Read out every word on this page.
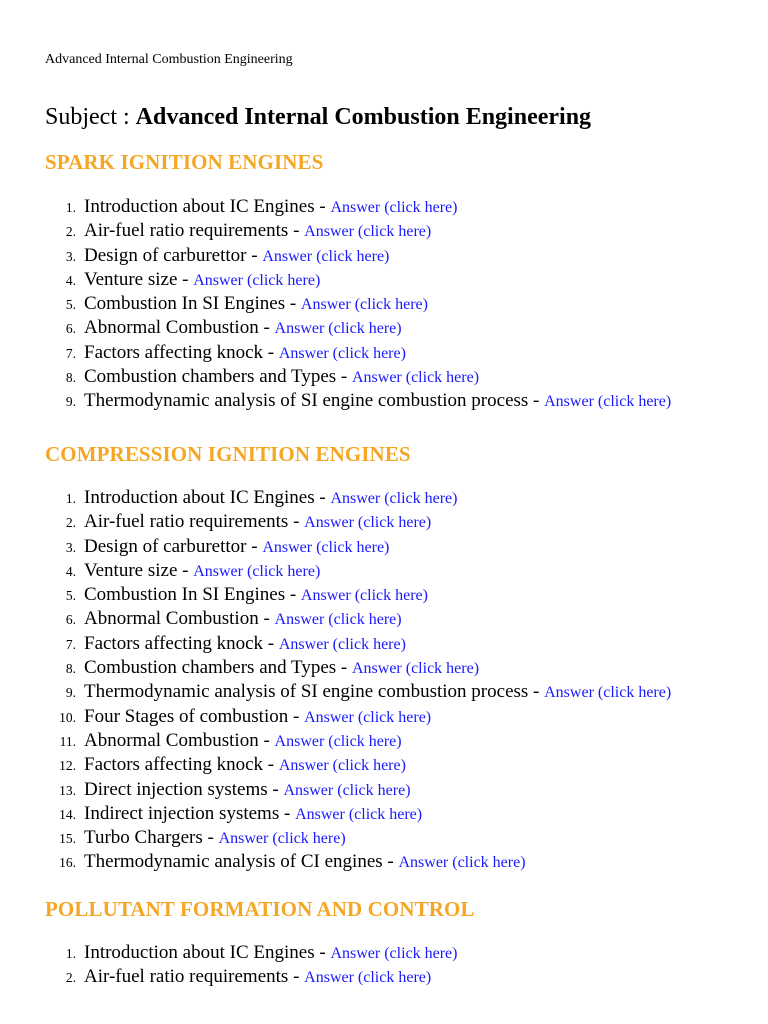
Advanced Internal Combustion Engineering
Subject : Advanced Internal Combustion Engineering
SPARK IGNITION ENGINES
1. Introduction about IC Engines - Answer (click here)
2. Air-fuel ratio requirements - Answer (click here)
3. Design of carburettor - Answer (click here)
4. Venture size - Answer (click here)
5. Combustion In SI Engines - Answer (click here)
6. Abnormal Combustion - Answer (click here)
7. Factors affecting knock - Answer (click here)
8. Combustion chambers and Types - Answer (click here)
9. Thermodynamic analysis of SI engine combustion process - Answer (click here)
COMPRESSION IGNITION ENGINES
1. Introduction about IC Engines - Answer (click here)
2. Air-fuel ratio requirements - Answer (click here)
3. Design of carburettor - Answer (click here)
4. Venture size - Answer (click here)
5. Combustion In SI Engines - Answer (click here)
6. Abnormal Combustion - Answer (click here)
7. Factors affecting knock - Answer (click here)
8. Combustion chambers and Types - Answer (click here)
9. Thermodynamic analysis of SI engine combustion process - Answer (click here)
10. Four Stages of combustion - Answer (click here)
11. Abnormal Combustion - Answer (click here)
12. Factors affecting knock - Answer (click here)
13. Direct injection systems - Answer (click here)
14. Indirect injection systems - Answer (click here)
15. Turbo Chargers - Answer (click here)
16. Thermodynamic analysis of CI engines - Answer (click here)
POLLUTANT FORMATION AND CONTROL
1. Introduction about IC Engines - Answer (click here)
2. Air-fuel ratio requirements - Answer (click here)
